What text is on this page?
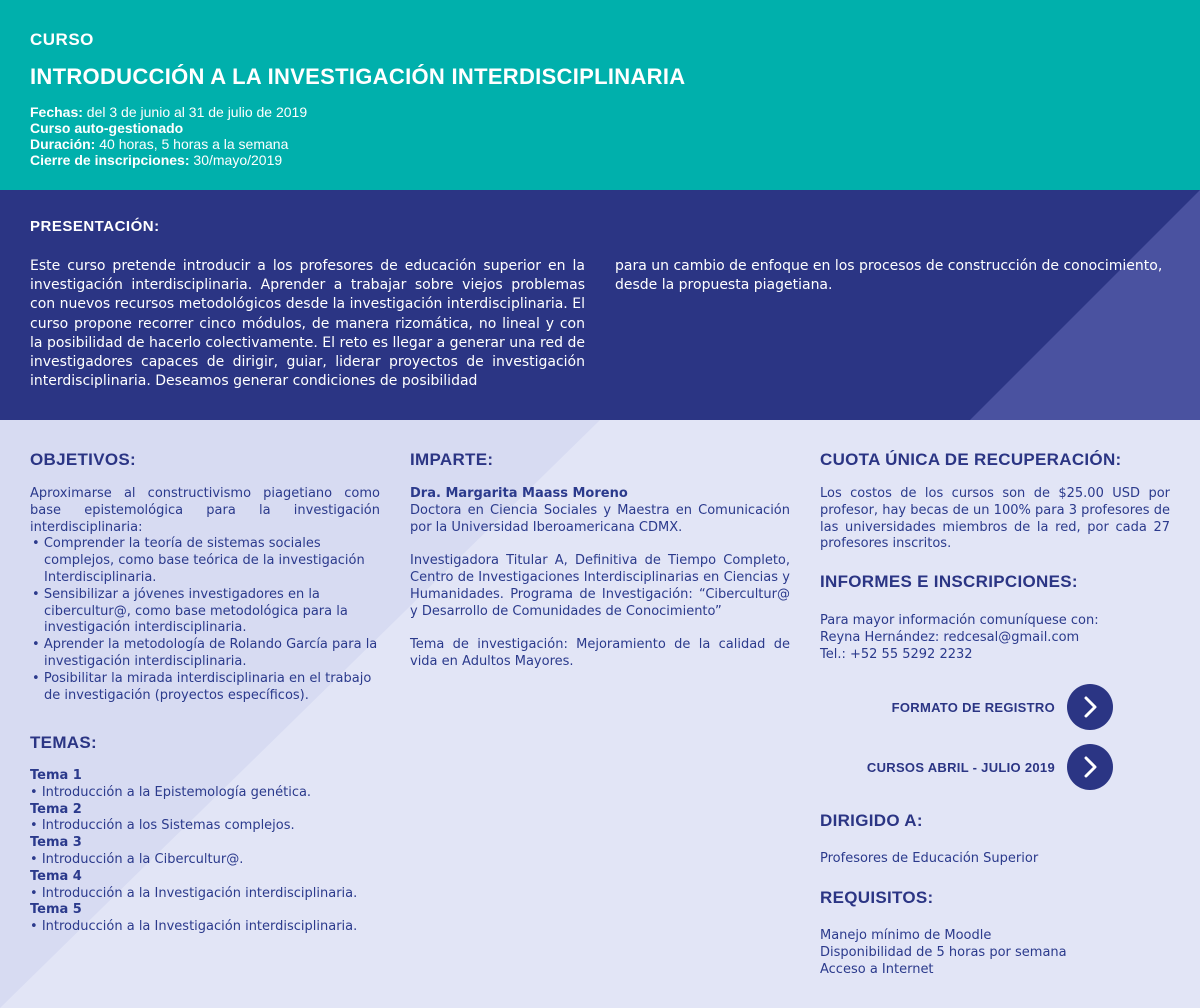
CURSO
INTRODUCCIÓN A LA INVESTIGACIÓN INTERDISCIPLINARIA
Fechas: del 3 de junio al 31 de julio de 2019
Curso auto-gestionado
Duración: 40 horas, 5 horas a la semana
Cierre de inscripciones: 30/mayo/2019
PRESENTACIÓN:
Este curso pretende introducir a los profesores de educación superior en la investigación interdisciplinaria. Aprender a trabajar sobre viejos problemas con nuevos recursos metodológicos desde la investigación interdisciplinaria. El curso propone recorrer cinco módulos, de manera rizomática, no lineal y con la posibilidad de hacerlo colectivamente. El reto es llegar a generar una red de investigadores capaces de dirigir, guiar, liderar proyectos de investigación interdisciplinaria. Deseamos generar condiciones de posibilidad
para un cambio de enfoque en los procesos de construcción de conocimiento, desde la propuesta piagetiana.
OBJETIVOS:

Aproximarse al constructivismo piagetiano como base epistemológica para la investigación interdisciplinaria:

• Comprender la teoría de sistemas sociales complejos, como base teórica de la investigación Interdisciplinaria.
• Sensibilizar a jóvenes investigadores en la cibercultur@, como base metodológica para la investigación interdisciplinaria.
• Aprender la metodología de Rolando García para la investigación interdisciplinaria.
• Posibilitar la mirada interdisciplinaria en el trabajo de investigación (proyectos específicos).
TEMAS:

Tema 1

• Introducción a la Epistemología genética.

Tema 2

• Introducción a los Sistemas complejos.

Tema 3

• Introducción a la Cibercultur@.

Tema 4

• Introducción a la Investigación interdisciplinaria.

Tema 5

• Introducción a la Investigación interdisciplinaria.

IMPARTE:

Dra. Margarita Maass Moreno

Doctora en Ciencia Sociales y Maestra en Comunicación por la Universidad Iberoamericana CDMX.

Investigadora Titular A, Definitiva de Tiempo Completo, Centro de Investigaciones Interdisciplinarias en Ciencias y Humanidades. Programa de Investigación: “Cibercultur@ y Desarrollo de Comunidades de Conocimiento”

Tema de investigación: Mejoramiento de la calidad de vida en Adultos Mayores.

CUOTA ÚNICA DE RECUPERACIÓN:
Los costos de los cursos son de $25.00 USD por profesor, hay becas de un 100% para 3 profesores de las universidades miembros de la red, por cada 27 profesores inscritos.
INFORMES E INSCRIPCIONES:

Para mayor información comuníquese con:

Reyna Hernández: redcesal@gmail.com

Tel.: +52 55 5292 2232

FORMATO DE REGISTRO
CURSOS ABRIL - JULIO 2019
DIRIGIDO A:
Profesores de Educación Superior
REQUISITOS:

Manejo mínimo de Moodle

Disponibilidad de 5 horas por semana

Acceso a Internet
